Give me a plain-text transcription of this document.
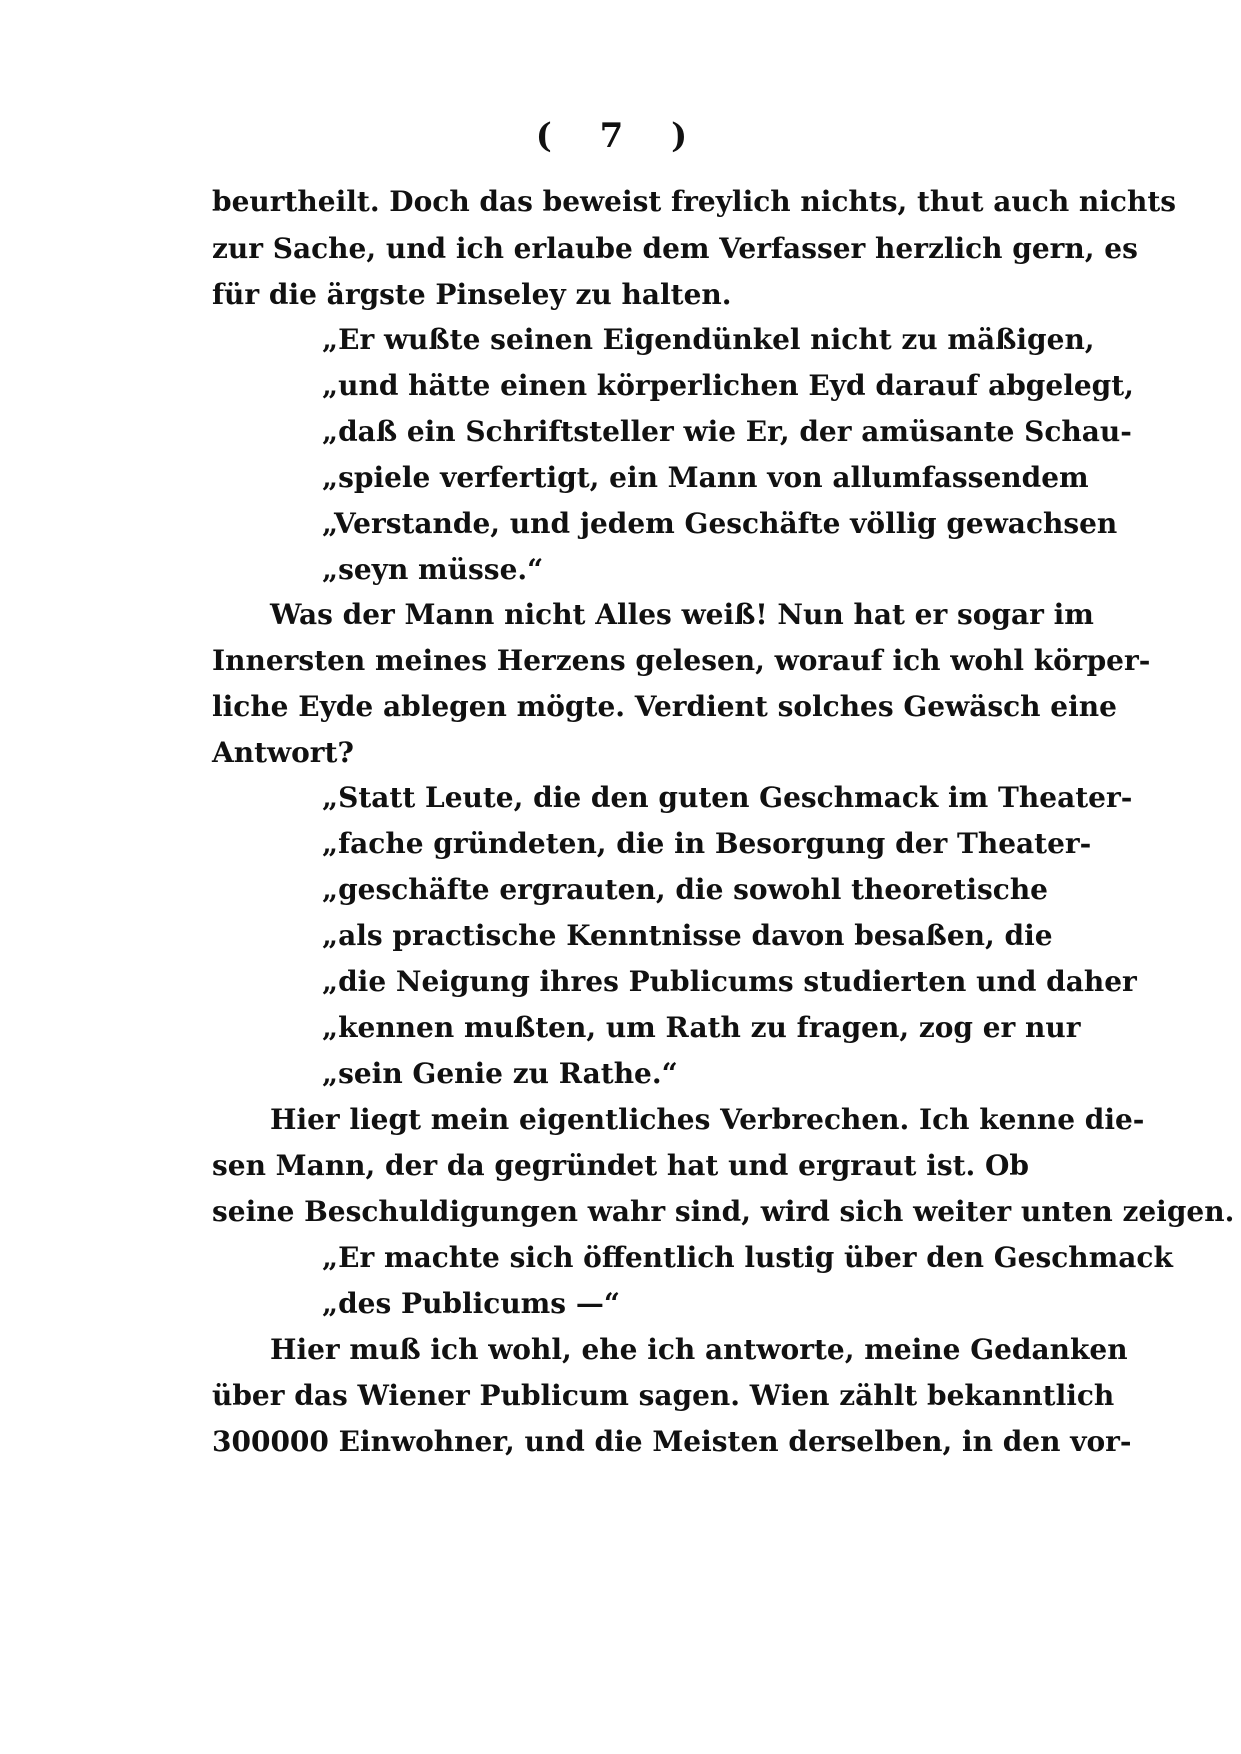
( 7 )
beurtheilt. Doch das beweist freylich nichts, thut auch nichts
zur Sache, und ich erlaube dem Verfasser herzlich gern, es
für die ärgste Pinseley zu halten.
„Er wußte seinen Eigendünkel nicht zu mäßigen,
„und hätte einen körperlichen Eyd darauf abgelegt,
„daß ein Schriftsteller wie Er, der amüsante Schau-
„spiele verfertigt, ein Mann von allumfassendem
„Verstande, und jedem Geschäfte völlig gewachsen
„seyn müsse.“
Was der Mann nicht Alles weiß! Nun hat er sogar im
Innersten meines Herzens gelesen, worauf ich wohl körper-
liche Eyde ablegen mögte. Verdient solches Gewäsch eine
Antwort?
„Statt Leute, die den guten Geschmack im Theater-
„fache gründeten, die in Besorgung der Theater-
„geschäfte ergrauten, die sowohl theoretische
„als practische Kenntnisse davon besaßen, die
„die Neigung ihres Publicums studierten und daher
„kennen mußten, um Rath zu fragen, zog er nur
„sein Genie zu Rathe.“
Hier liegt mein eigentliches Verbrechen. Ich kenne die-
sen Mann, der da gegründet hat und ergraut ist. Ob
seine Beschuldigungen wahr sind, wird sich weiter unten zeigen.
„Er machte sich öffentlich lustig über den Geschmack
„des Publicums —“
Hier muß ich wohl, ehe ich antworte, meine Gedanken
über das Wiener Publicum sagen. Wien zählt bekanntlich
300000 Einwohner, und die Meisten derselben, in den vor-
